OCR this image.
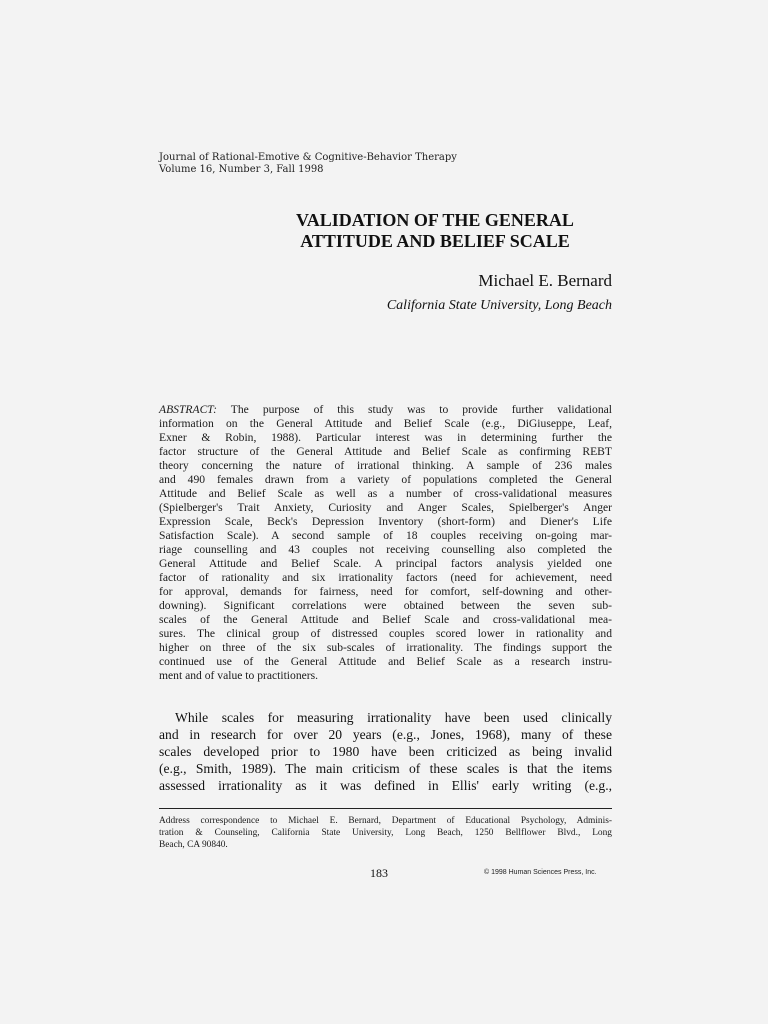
Journal of Rational-Emotive & Cognitive-Behavior Therapy
Volume 16, Number 3, Fall 1998
VALIDATION OF THE GENERAL
ATTITUDE AND BELIEF SCALE
Michael E. Bernard
California State University, Long Beach
ABSTRACT: The purpose of this study was to provide further validational
information on the General Attitude and Belief Scale (e.g., DiGiuseppe, Leaf,
Exner & Robin, 1988). Particular interest was in determining further the
factor structure of the General Attitude and Belief Scale as confirming REBT
theory concerning the nature of irrational thinking. A sample of 236 males
and 490 females drawn from a variety of populations completed the General
Attitude and Belief Scale as well as a number of cross-validational measures
(Spielberger's Trait Anxiety, Curiosity and Anger Scales, Spielberger's Anger
Expression Scale, Beck's Depression Inventory (short-form) and Diener's Life
Satisfaction Scale). A second sample of 18 couples receiving on-going mar-
riage counselling and 43 couples not receiving counselling also completed the
General Attitude and Belief Scale. A principal factors analysis yielded one
factor of rationality and six irrationality factors (need for achievement, need
for approval, demands for fairness, need for comfort, self-downing and other-
downing). Significant correlations were obtained between the seven sub-
scales of the General Attitude and Belief Scale and cross-validational mea-
sures. The clinical group of distressed couples scored lower in rationality and
higher on three of the six sub-scales of irrationality. The findings support the
continued use of the General Attitude and Belief Scale as a research instru-
ment and of value to practitioners.
While scales for measuring irrationality have been used clinically
and in research for over 20 years (e.g., Jones, 1968), many of these
scales developed prior to 1980 have been criticized as being invalid
(e.g., Smith, 1989). The main criticism of these scales is that the items
assessed irrationality as it was defined in Ellis' early writing (e.g.,
Address correspondence to Michael E. Bernard, Department of Educational Psychology, Adminis-
tration & Counseling, California State University, Long Beach, 1250 Bellflower Blvd., Long
Beach, CA 90840.
183	© 1998 Human Sciences Press, Inc.
